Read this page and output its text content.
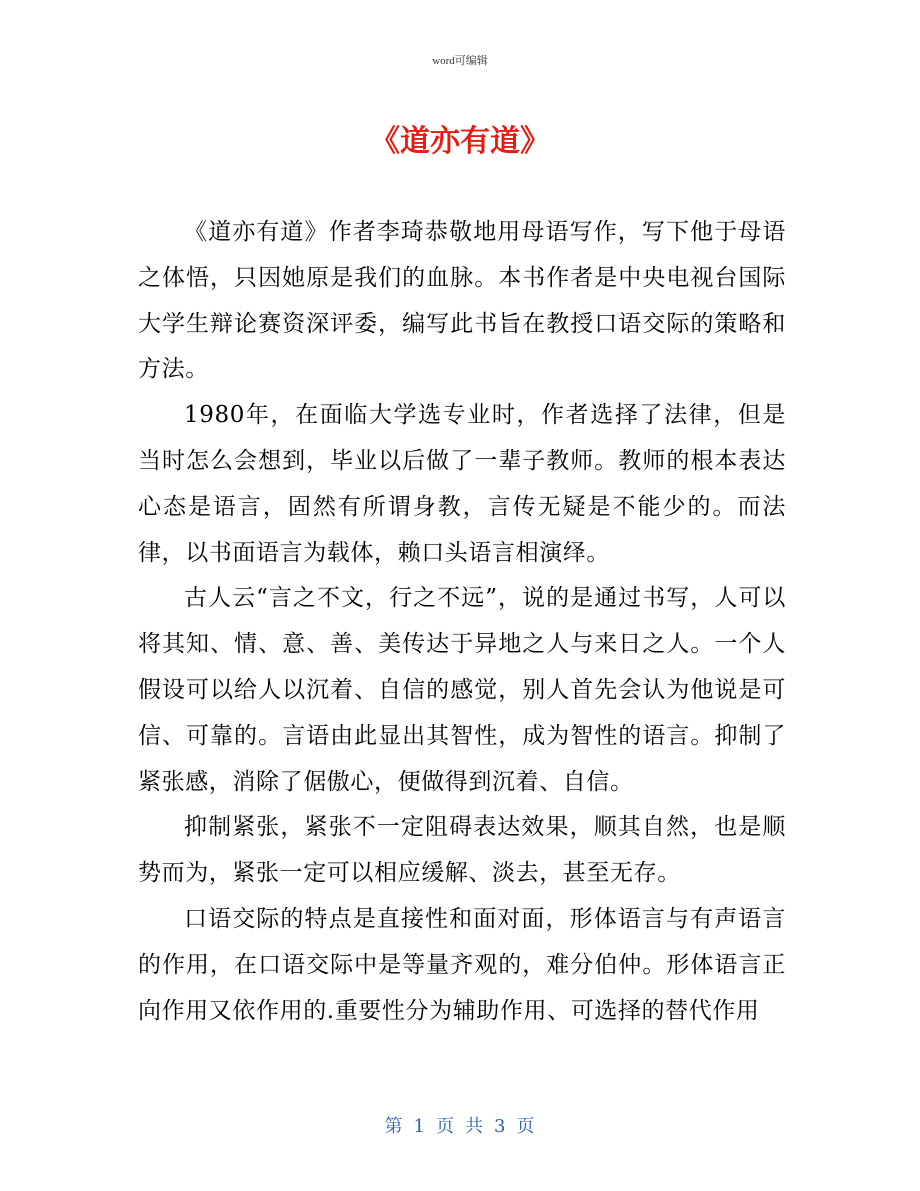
word可编辑
《道亦有道》

《道亦有道》作者李琦恭敬地用母语写作，写下他于母语之体悟，只因她原是我们的血脉。本书作者是中央电视台国际大学生辩论赛资深评委，编写此书旨在教授口语交际的策略和方法。

1980年，在面临大学选专业时，作者选择了法律，但是当时怎么会想到，毕业以后做了一辈子教师。教师的根本表达心态是语言，固然有所谓身教，言传无疑是不能少的。而法律，以书面语言为载体，赖口头语言相演绎。

古人云“言之不文，行之不远”，说的是通过书写，人可以将其知、情、意、善、美传达于异地之人与来日之人。一个人假设可以给人以沉着、自信的感觉，别人首先会认为他说是可信、可靠的。言语由此显出其智性，成为智性的语言。抑制了紧张感，消除了倨傲心，便做得到沉着、自信。

抑制紧张，紧张不一定阻碍表达效果，顺其自然，也是顺势而为，紧张一定可以相应缓解、淡去，甚至无存。

口语交际的特点是直接性和面对面，形体语言与有声语言的作用，在口语交际中是等量齐观的，难分伯仲。形体语言正向作用又依作用的.重要性分为辅助作用、可选择的替代作用

第 1 页 共 3 页
